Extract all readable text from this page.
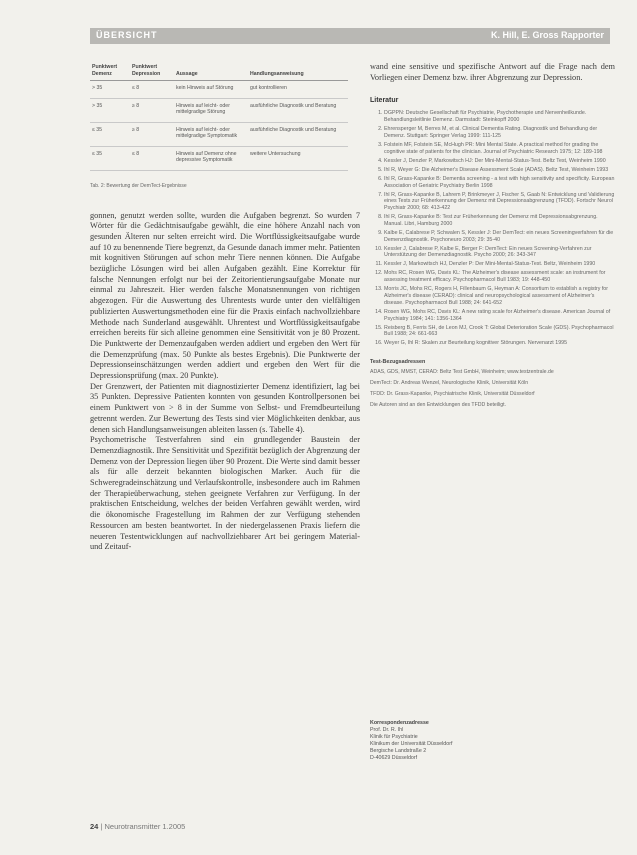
ÜBERSICHT	K. Hill, E. Gross Rapporter
Punktwert Demenz	Punktwert Depression	Aussage	Handlungsanweisung
> 35	≤ 8	kein Hinweis auf Störung	gut kontrollieren
> 35	≥ 8	Hinweis auf leicht- oder mittelgradige Störung	ausführliche Diagnostik und Beratung
≤ 35	≥ 8	Hinweis auf leicht- oder mittelgradige Symptomatik	ausführliche Diagnostik und Beratung
≤ 35	≤ 8	Hinweis auf Demenz ohne depressive Symptomatik	weitere Untersuchung
Tab. 2: Bewertung der DemTect-Ergebnisse

gonnen, genutzt werden sollte, wurden die Aufgaben begrenzt. So wurden 7 Wörter für die Gedächtnisaufgabe gewählt, die eine höhere Anzahl nach von gesunden Älteren nur selten erreicht wird. Die Wortflüssigkeitsaufgabe wurde auf 10 zu benennende Tiere begrenzt, da Gesunde danach immer mehr. Patienten mit kognitiven Störungen auf schon mehr Tiere nennen können. Die Aufgabe bezügliche Lösungen wird bei allen Aufgaben gezählt. Eine Korrektur für falsche Nennungen erfolgt nur bei der Zeitorientierungsaufgabe Monate nur einmal zu Jahreszeit. Hier werden falsche Monatsnennungen von richtigen abgezogen. Für die Auswertung des Uhrentests wurde unter den vielfältigen publizierten Auswertungsmethoden eine für die Praxis einfach nachvollziehbare Methode nach Sunderland ausgewählt. Uhrentest und Wortflüssigkeitsaufgabe erreichen bereits für sich alleine genommen eine Sensitivität von je 80 Prozent. Die Punktwerte der Demenzaufgaben werden addiert und ergeben den Wert für die Demenzprüfung (max. 50 Punkte als bestes Ergebnis). Die Punktwerte der Depressionseinschätzungen werden addiert und ergeben den Wert für die Depressionsprüfung (max. 20 Punkte).

Der Grenzwert, der Patienten mit diagnostizierter Demenz identifiziert, lag bei 35 Punkten. Depressive Patienten konnten von gesunden Kontrollpersonen bei einem Punktwert von > 8 in der Summe von Selbst- und Fremdbeurteilung getrennt werden. Zur Bewertung des Tests sind vier Möglichkeiten denkbar, aus denen sich Handlungsanweisungen ableiten lassen (s. Tabelle 4).

Psychometrische Testverfahren sind ein grundlegender Baustein der Demenzdiagnostik. Ihre Sensitivität und Spezifität bezüglich der Abgrenzung der Demenz von der Depression liegen über 90 Prozent. Die Werte sind damit besser als für alle derzeit bekannten biologischen Marker. Auch für die Schweregradeinschätzung und Verlaufskontrolle, insbesondere auch im Rahmen der Therapieüberwachung, stehen geeignete Verfahren zur Verfügung. In der praktischen Entscheidung, welches der beiden Verfahren gewählt werden, wird die ökonomische Fragestellung im Rahmen der zur Verfügung stehenden Ressourcen am besten beantwortet. In der niedergelassenen Praxis liefern die neueren Testentwicklungen auf nachvollziehbarer Art bei geringem Material- und Zeitauf-

wand eine sensitive und spezifische Antwort auf die Frage nach dem Vorliegen einer Demenz bzw. ihrer Abgrenzung zur Depression.
Literatur
1. DGPPN: Deutsche Gesellschaft für Psychiatrie, Psychotherapie und Nervenheilkunde. Behandlungsleitlinie Demenz. Darmstadt: Steinkopff 2000
2. Ehrensperger M, Berres M, et al. Clinical Dementia Rating. Diagnostik und Behandlung der Demenz. Stuttgart: Springer Verlag 1999: 111-125
3. Folstein MF, Folstein SE, McHugh PR: Mini Mental State. A practical method for grading the cognitive state of patients for the clinician. Journal of Psychiatric Research 1975; 12: 189-198
4. Kessler J, Denzler P, Markowitsch HJ: Der Mini-Mental-Status-Test. Beltz Test, Weinheim 1990
5. Ihl R, Weyer G: Die Alzheimer's Disease Assessment Scale (ADAS). Beltz Test, Weinheim 1993
6. Ihl R, Grass-Kapanke B: Dementia screening - a test with high sensitivity and specificity. European Association of Geriatric Psychiatry Berlin 1998
7. Ihl R, Grass-Kapanke B, Lahrem P, Brinkmeyer J, Fischer S, Gaab N: Entwicklung und Validierung eines Tests zur Früherkennung der Demenz mit Depressionsabgrenzung (TFDD). Fortschr Neurol Psychiatr 2000; 68: 413-422
8. Ihl R, Grass-Kapanke B: Test zur Früherkennung der Demenz mit Depressionsabgrenzung. Manual. Libri, Hamburg 2000
9. Kalbe E, Calabrese P, Schwalen S, Kessler J: Der DemTect: ein neues Screeningverfahren für die Demenzdiagnostik. Psychoneuro 2003; 29: 35-40
10. Kessler J, Calabrese P, Kalbe E, Berger F: DemTect: Ein neues Screening-Verfahren zur Unterstützung der Demenzdiagnostik. Psycho 2000; 26: 343-347
11. Kessler J, Markowitsch HJ, Denzler P: Der Mini-Mental-Status-Test. Beltz, Weinheim 1990
12. Mohs RC, Rosen WG, Davis KL: The Alzheimer's disease assessment scale: an instrument for assessing treatment efficacy. Psychopharmacol Bull 1983; 19: 448-450
13. Morris JC, Mohs RC, Rogers H, Fillenbaum G, Heyman A: Consortium to establish a registry for Alzheimer's disease (CERAD): clinical and neuropsychological assessment of Alzheimer's disease. Psychopharmacol Bull 1988; 24: 641-652
14. Rosen WG, Mohs RC, Davis KL: A new rating scale for Alzheimer's disease. American Journal of Psychiatry 1984; 141: 1356-1364
15. Reisberg B, Ferris SH, de Leon MJ, Crook T: Global Deterioration Scale (GDS). Psychopharmacol Bull 1988; 24: 661-663
16. Weyer G, Ihl R: Skalen zur Beurteilung kognitiver Störungen. Nervenarzt 1995
Test-Bezugsadressen
ADAS, GDS, MMST, CERAD: Beltz Test GmbH, Weinheim; www.testzentrale.de
DemTect: Dr. Andreas Wenzel, Neurologische Klinik, Universität Köln
TFDD: Dr. Grass-Kapanke, Psychiatrische Klinik, Universität Düsseldorf
Die Autoren sind an den Entwicklungen des TFDD beteiligt.
Korrespondenzadresse
Prof. Dr. R. Ihl
Klinik für Psychiatrie
Klinikum der Universität Düsseldorf
Bergische Landstraße 2
D-40629 Düsseldorf
24 | Neurotransmitter 1.2005
